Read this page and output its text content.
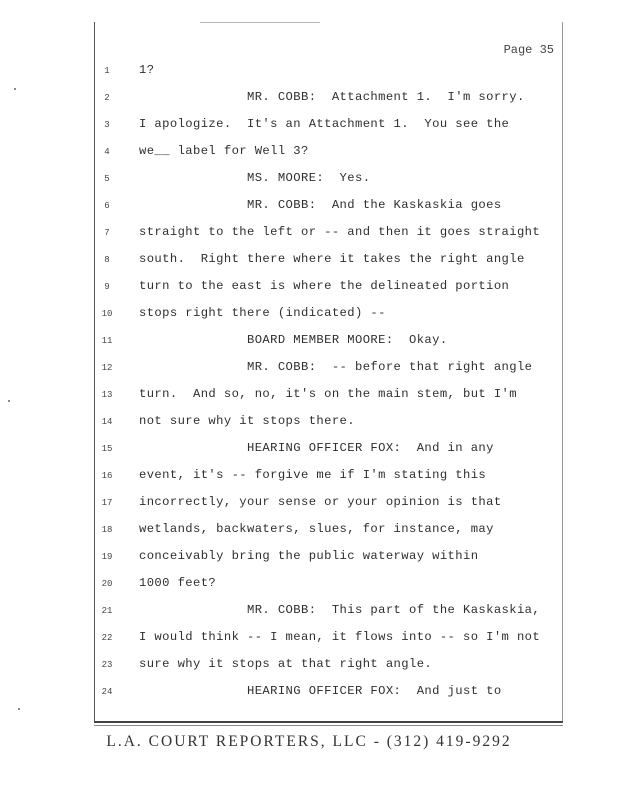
Page 35
1	1?
2	MR. COBB:  Attachment 1.  I'm sorry.
3	I apologize.  It's an Attachment 1.  You see the
4	we__ label for Well 3?
5	MS. MOORE:  Yes.
6	MR. COBB:  And the Kaskaskia goes
7	straight to the left or -- and then it goes straight
8	south.  Right there where it takes the right angle
9	turn to the east is where the delineated portion
10	stops right there (indicated) --
11	BOARD MEMBER MOORE:  Okay.
12	MR. COBB:  -- before that right angle
13	turn.  And so, no, it's on the main stem, but I'm
14	not sure why it stops there.
15	HEARING OFFICER FOX:  And in any
16	event, it's -- forgive me if I'm stating this
17	incorrectly, your sense or your opinion is that
18	wetlands, backwaters, slues, for instance, may
19	conceivably bring the public waterway within
20	1000 feet?
21	MR. COBB:  This part of the Kaskaskia,
22	I would think -- I mean, it flows into -- so I'm not
23	sure why it stops at that right angle.
24	HEARING OFFICER FOX:  And just to
L.A. COURT REPORTERS, LLC - (312) 419-9292
